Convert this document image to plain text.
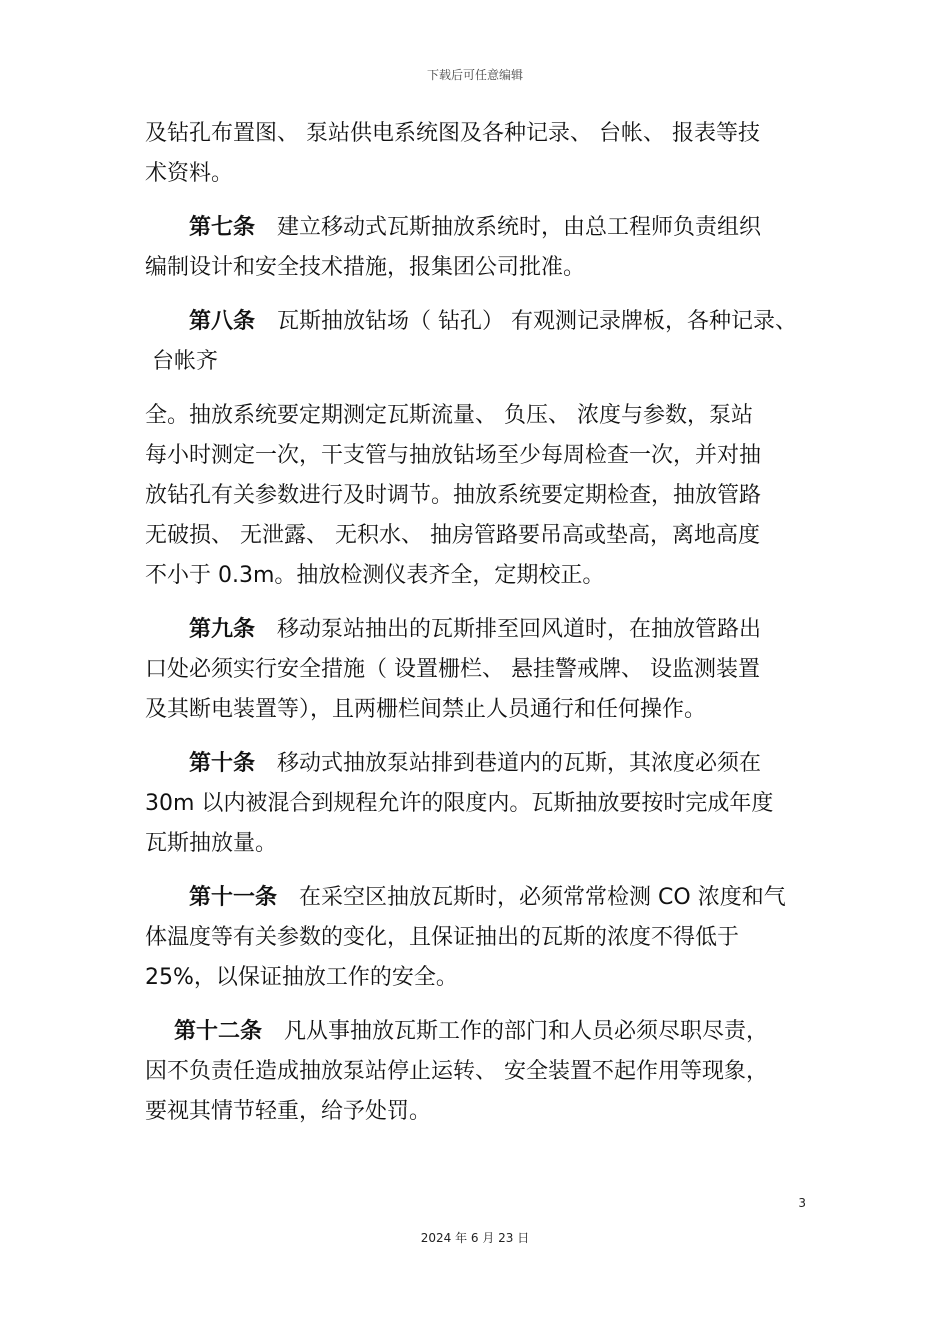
下载后可任意编辑
及钻孔布置图、 泵站供电系统图及各种记录、 台帐、 报表等技
术资料。
　　第七条　建立移动式瓦斯抽放系统时，由总工程师负责组织
编制设计和安全技术措施，报集团公司批准。
　　第八条　瓦斯抽放钻场（ 钻孔） 有观测记录牌板，各种记录、
台帐齐
全。抽放系统要定期测定瓦斯流量、 负压、 浓度与参数，泵站
每小时测定一次，干支管与抽放钻场至少每周检查一次，并对抽
放钻孔有关参数进行及时调节。抽放系统要定期检查，抽放管路
无破损、 无泄露、 无积水、 抽房管路要吊高或垫高，离地高度
不小于 0.3m。抽放检测仪表齐全，定期校正。
　　第九条　移动泵站抽出的瓦斯排至回风道时，在抽放管路出
口处必须实行安全措施（ 设置栅栏、 悬挂警戒牌、 设监测装置
及其断电装置等），且两栅栏间禁止人员通行和任何操作。
　　第十条　移动式抽放泵站排到巷道内的瓦斯，其浓度必须在
30m 以内被混合到规程允许的限度内。瓦斯抽放要按时完成年度
瓦斯抽放量。
　　第十一条　在采空区抽放瓦斯时，必须常常检测 CO 浓度和气
体温度等有关参数的变化，且保证抽出的瓦斯的浓度不得低于
25%，以保证抽放工作的安全。
　 第十二条　凡从事抽放瓦斯工作的部门和人员必须尽职尽责，
因不负责任造成抽放泵站停止运转、 安全装置不起作用等现象，
要视其情节轻重，给予处罚。
3
2024 年 6 月 23 日
